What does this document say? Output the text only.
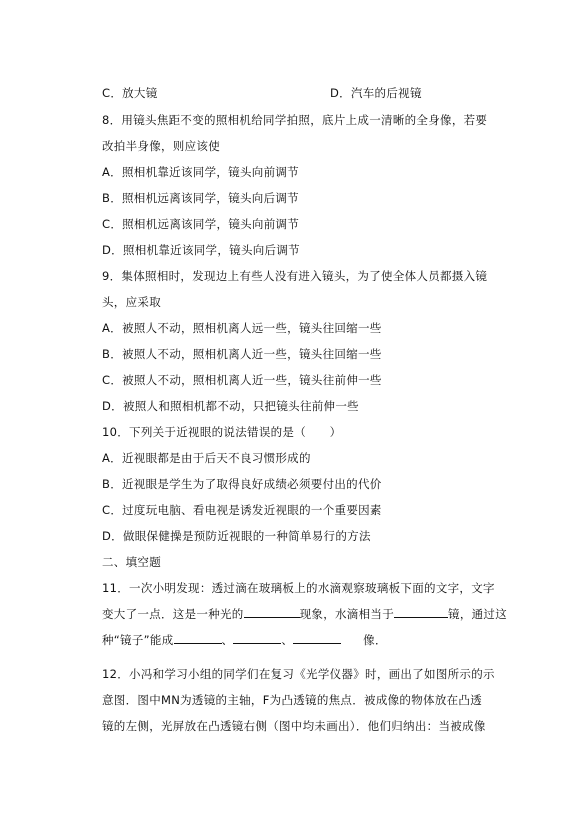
C．放大镜	D．汽车的后视镜
8．用镜头焦距不变的照相机给同学拍照，底片上成一清晰的全身像，若要
改拍半身像，则应该使
A．照相机靠近该同学，镜头向前调节
B．照相机远离该同学，镜头向后调节
C．照相机远离该同学，镜头向前调节
D．照相机靠近该同学，镜头向后调节
9．集体照相时，发现边上有些人没有进入镜头，为了使全体人员都摄入镜
头，应采取
A．被照人不动，照相机离人远一些，镜头往回缩一些
B．被照人不动，照相机离人近一些，镜头往回缩一些
C．被照人不动，照相机离人近一些，镜头往前伸一些
D．被照人和照相机都不动，只把镜头往前伸一些
10．下列关于近视眼的说法错误的是（　　）
A．近视眼都是由于后天不良习惯形成的
B．近视眼是学生为了取得良好成绩必须要付出的代价
C．过度玩电脑、看电视是诱发近视眼的一个重要因素
D．做眼保健操是预防近视眼的一种简单易行的方法
二、填空题
11．一次小明发现：透过滴在玻璃板上的水滴观察玻璃板下面的文字，文字
变大了一点．这是一种光的	现象，水滴相当于	镜，通过这
种“镜子”能成	、	、	像．
12．小冯和学习小组的同学们在复习《光学仪器》时，画出了如图所示的示
意图．图中MN为透镜的主轴，F为凸透镜的焦点．被成像的物体放在凸透
镜的左侧，光屏放在凸透镜右侧（图中均未画出）．他们归纳出：当被成像
